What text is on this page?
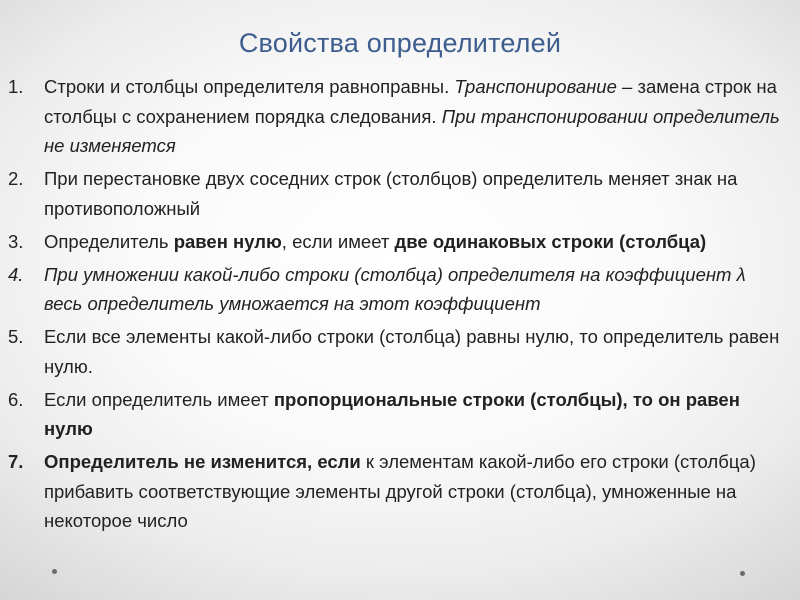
Свойства определителей
1. Строки и столбцы определителя равноправны. Транспонирование – замена строк на столбцы с сохранением порядка следования. При транспонировании определитель не изменяется
2. При перестановке двух соседних строк (столбцов) определитель меняет знак на противоположный
3. Определитель равен нулю, если имеет две одинаковых строки (столбца)
4. При умножении какой-либо строки (столбца) определителя на коэффициент λ весь определитель умножается на этот коэффициент
5. Если все элементы какой-либо строки (столбца) равны нулю, то определитель равен нулю.
6. Если определитель имеет пропорциональные строки (столбцы), то он равен нулю
7. Определитель не изменится, если к элементам какой-либо его строки (столбца) прибавить соответствующие элементы другой строки (столбца), умноженные на некоторое число
